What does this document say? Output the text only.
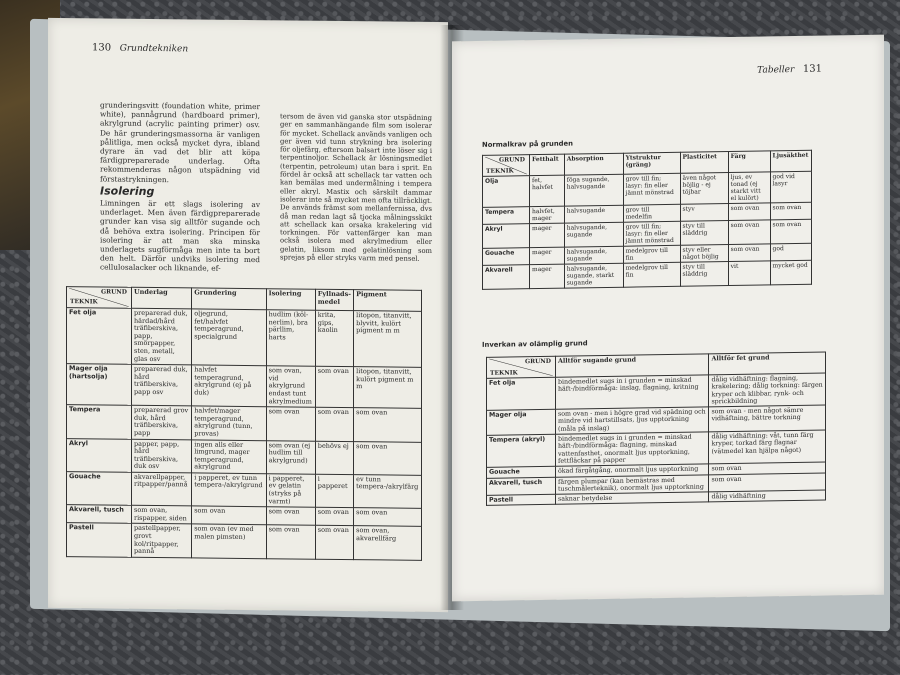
130 Grundtekniken

grunderingsvitt (foundation white, primer white), pannågrund (hardboard primer), akrylgrund (acrylic painting primer) osv. De här grunderingsmassorna är vanligen pålitliga, men också mycket dyra, ibland dyrare än vad det blir att köpa färdigpreparerade underlag. Ofta rekommenderas någon utspädning vid förstastrykningen.

Isolering

Limningen är ett slags isolering av underlaget. Men även färdigpreparerade grunder kan visa sig alltför sugande och då behöva extra isolering. Principen för isolering är att man ska minska underlagets sugförmåga men inte ta bort den helt. Därför undviks isolering med cellulosalacker och liknande, ef-

tersom de även vid ganska stor utspädning ger en sammanhängande film som isolerar för mycket. Schellack används vanligen och ger även vid tunn strykning bra isolering för oljefärg, eftersom balsart inte löser sig i terpentinoljor. Schellack är lösningsmedlet (terpentin, petroleum) utan bara i sprit. En fördel är också att schellack tar vatten och kan bemälas med undermålning i tempera eller akryl. Mastix och särskilt dammar isolerar inte så mycket men ofta tillräckligt. De används främst som mellanfernissa, dvs då man redan lagt så tjocka målningsskikt att schellack kan orsaka krakelering vid torkningen. För vattenfärger kan man också isolera med akrylmedium eller gelatin, liksom med gelatinlösning som sprejas på eller stryks varm med pensel.

GRUND
TEKNIK	Underlag	Grundering	Isolering	Fyllnads-medel	Pigment
Fet olja	preparerad duk, härdad/hård träfiberskiva, papp, smörpapper, sten, metall, glas osv	oljegrund, fet/halvfet temperagrund, specialgrund	hudlim (köl-nerlim), bra pärllim, harts	krita, gips, kaolin	litopon, titanvitt, blyvitt, kulört pigment m m
Mager olja (hartsolja)	preparerad duk, hård träfiberskiva, papp osv	halvfet temperagrund, akrylgrund (ej på duk)	som ovan, vid akrylgrund endast tunt akrylmedium	som ovan	litopon, titanvitt, kulört pigment m m
Tempera	preparerad grov duk, hård träfiberskiva, papp	halvfet/mager temperagrund, akrylgrund (tunn, provas)	som ovan	som ovan	som ovan
Akryl	papper, papp, hård träfiberskiva, duk osv	ingen alls eller limgrund, mager temperagrund, akrylgrund	som ovan (ej hudlim till akrylgrund)	behövs ej	som ovan
Gouache	akvarellpapper, ritpapper/pannå	i papperet, ev tunn tempera-/akrylgrund	i papperet, ev gelatin (stryks på varmt)	i papperet	ev tunn tempera-/akrylfärg
Akvarell, tusch	som ovan, rispapper, siden	som ovan	som ovan	som ovan	som ovan
Pastell	pastellpapper, grovt kol/ritpapper, pannå	som ovan (ev med malen pimsten)	som ovan	som ovan	som ovan, akvarellfärg
Tabeller 131
Normalkrav på grunden
GRUND
TEKNIK	Fetthalt	Absorption	Ytstruktur (gräng)	Plasticitet	Färg	Ljusäkthet
Olja	fet, halvfet	föga sugande, halvsugande	grov till fin; lasyr: fin eller jämnt mönstrad	även något böjlig - ej töjbar	ljus, ev tonad (ej starkt vitt el kulört)	god vid lasyr
Tempera	halvfet, mager	halvsugande	grov till medelfin	styv	som ovan	som ovan
Akryl	mager	halvsugande, sugande	grov till fin; lasyr: fin eller jämnt mönstrad	styv till släddrig	som ovan	som ovan
Gouache	mager	halvsugande, sugande	medelgrov till fin	styv eller något böjlig	som ovan	god
Akvarell	mager	halvsugande, sugande, starkt sugande	medelgrov till fin	styv till släddrig	vit	mycket god
Inverkan av olämplig grund
GRUND
TEKNIK	Alltför sugande grund	Alltför fet grund
Fet olja	bindemedlet sugs in i grunden = minskad häft-/bindförmåga: inslag, flagning, kritning	dålig vidhäftning: flagning, krakelering; dålig torkning: färgen kryper och klibbar, rynk- och sprickbildning
Mager olja	som ovan - men i högre grad vid spädning och mindre vid hartstillsats, ljus upptorkning (måla på inslag)	som ovan - men något sämre vidhäftning, bättre torkning
Tempera (akryl)	bindemedlet sugs in i grunden = minskad häft-/bindförmåga: flagning, minskad vattenfasthet, onormalt ljus upptorkning, fettfläckar på papper	dålig vidhäftning: våt, tunn färg kryper, torkad färg flagnar (vätmedel kan hjälpa något)
Gouache	ökad färgåtgång, onormalt ljus upptorkning	som ovan
Akvarell, tusch	färgen plumpar (kan bemästras med tuschmålerteknik), onormalt ljus upptorkning	som ovan
Pastell	saknar betydelse	dålig vidhäftning
